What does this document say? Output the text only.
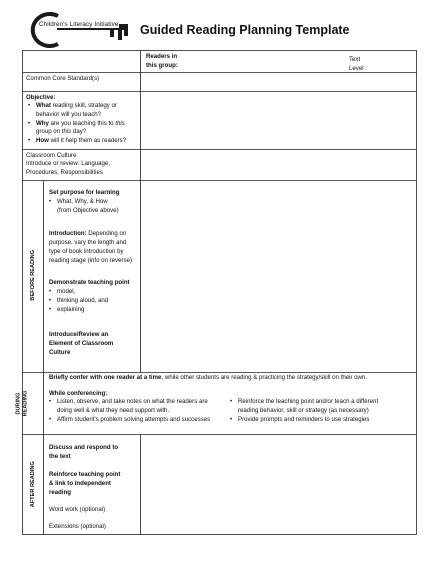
Children's Literacy Initiative Guided Reading Planning Template
Readers in
this group:
Text
Level :
Common Core Standard(s)
Objective:
• What reading skill, strategy or
behavior will you teach?
• Why are you teaching this to this
group on this day?
• How will it help them as readers?
Classroom Culture
Introduce or review: Language,
Procedures, Responsibilities
BEFORE READING
Set purpose for learning
• What, Why, & How
(from Objective above)
Introduction: Depending on
purpose, vary the length and
type of book introduction by
reading stage (info on reverse)
Demonstrate teaching point
• model,
• thinking aloud, and
• explaining
Introduce/Review an
Element of Classroom
Culture
DURING
READING
Briefly confer with one reader at a time, while other students are reading & practicing the strategy/skill on their own.
While conferencing:
• Listen, observe, and take notes on what the readers are
doing well & what they need support with.
• Affirm student's problem solving attempts and successes
• Reinforce the teaching point and/or teach a different
reading behavior, skill or strategy (as necessary)
• Provide prompts and reminders to use strategies
AFTER READING
Discuss and respond to
the text
Reinforce teaching point
& link to independent
reading
Word work (optional)
Extensions (optional)
